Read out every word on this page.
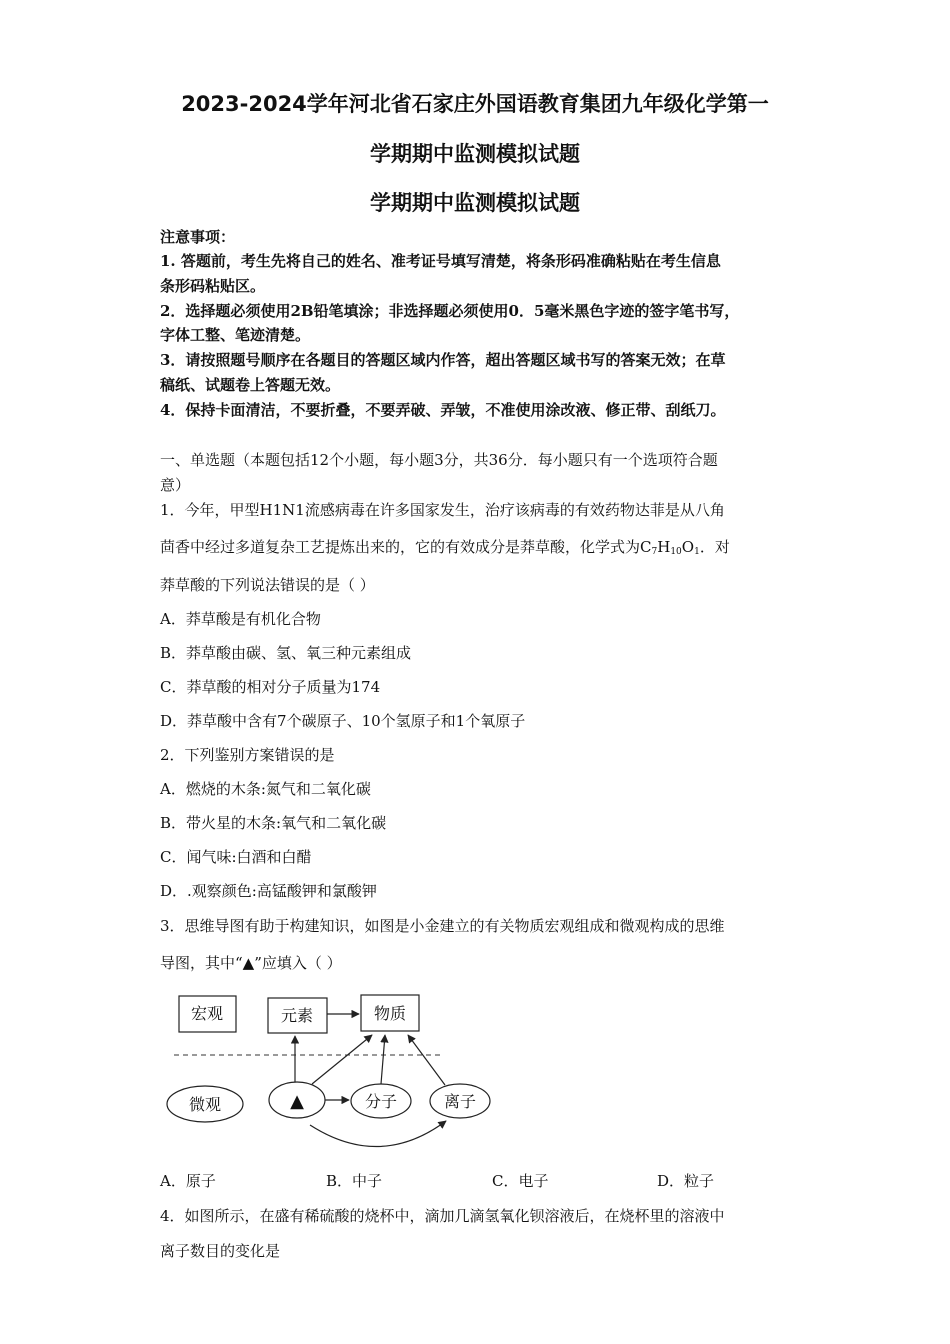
2023-2024学年河北省石家庄外国语教育集团九年级化学第一
学期期中监测模拟试题
学期期中监测模拟试题
注意事项：
1. 答题前，考生先将自己的姓名、准考证号填写清楚，将条形码准确粘贴在考生信息
条形码粘贴区。
2．选择题必须使用2B铅笔填涂；非选择题必须使用0．5毫米黑色字迹的签字笔书写，
字体工整、笔迹清楚。
3．请按照题号顺序在各题目的答题区域内作答，超出答题区域书写的答案无效；在草
稿纸、试题卷上答题无效。
4．保持卡面清洁，不要折叠，不要弄破、弄皱，不准使用涂改液、修正带、刮纸刀。
一、单选题（本题包括12个小题，每小题3分，共36分．每小题只有一个选项符合题
意）
1．今年，甲型H1N1流感病毒在许多国家发生，治疗该病毒的有效药物达菲是从八角
茴香中经过多道复杂工艺提炼出来的，它的有效成分是莽草酸，化学式为$C_7H_{10}O_1$．对
莽草酸的下列说法错误的是（ ）
A．莽草酸是有机化合物
B．莽草酸由碳、氢、氧三种元素组成
C．莽草酸的相对分子质量为174
D．莽草酸中含有7个碳原子、10个氢原子和1个氧原子
2．下列鉴别方案错误的是
A．燃烧的木条:氮气和二氧化碳
B．带火星的木条:氧气和二氧化碳
C．闻气味:白酒和白醋
D．.观察颜色:高锰酸钾和氯酸钾
3．思维导图有助于构建知识，如图是小金建立的有关物质宏观组成和微观构成的思维
导图，其中“▲”应填入（ ）
宏观	元素	物质
微观	▲	分子	离子
A．原子	B．中子	C．电子	D．粒子
4．如图所示，在盛有稀硫酸的烧杯中，滴加几滴氢氧化钡溶液后，在烧杯里的溶液中
离子数目的变化是
